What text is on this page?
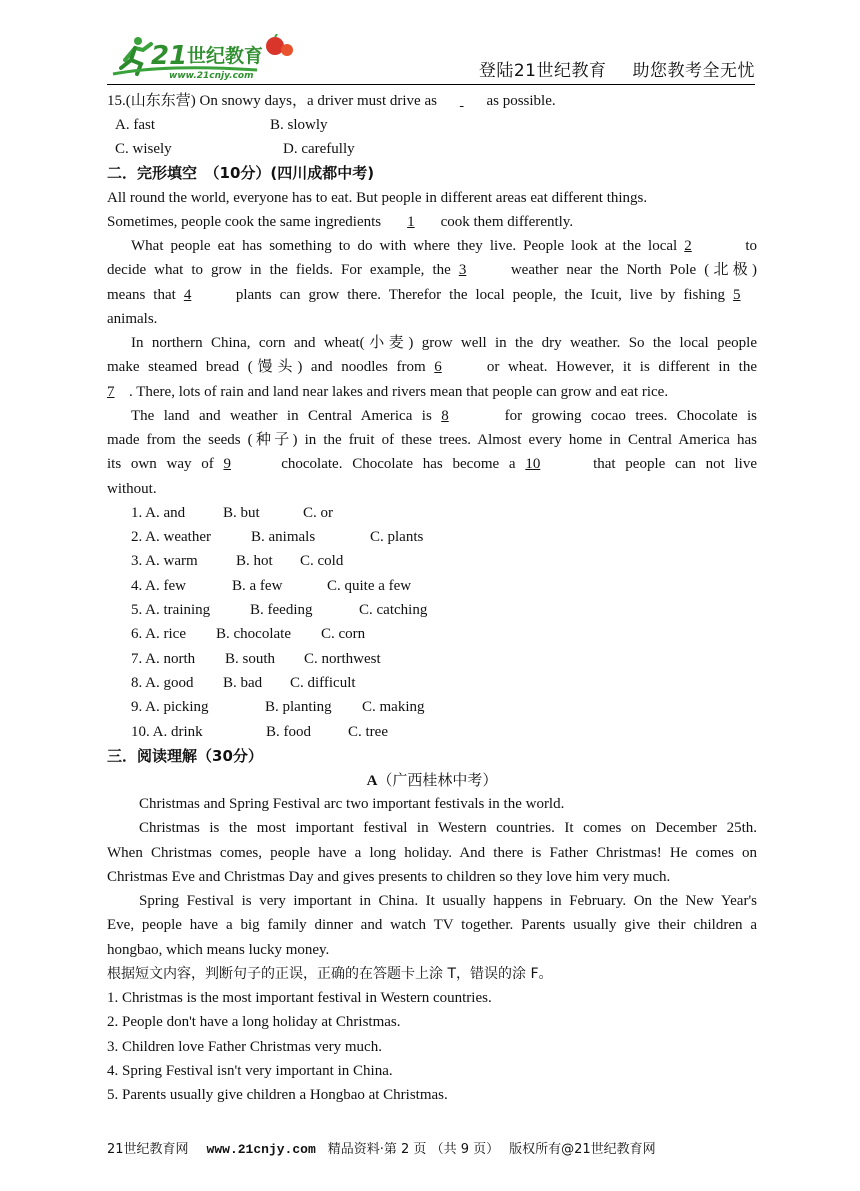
21 世纪教育
www.21cnjy.com	登陆21世纪教育 助您教考全无忧
15.(山东东营) On snowy days，a driver must drive as	as possible.
A. fast	B. slowly
C. wisely	D. carefully
二．完形填空　（10分）(四川成都中考)
All round the world, everyone has to eat. But people in different areas eat different things.
Sometimes, people cook the same ingredients 1 cook them differently.
What people eat has something to do with where they live. People look at the local 2	to
decide what to grow in the fields. For example, the 3	weather near the North Pole (北极)
means that 4	plants can grow there. Therefor the local people, the Icuit, live by fishing 5
animals.
In northern China, corn and wheat(小麦) grow well in the dry weather. So the local people
make steamed bread (馒头) and noodles from 6	or wheat. However, it is different in the
7 . There, lots of rain and land near lakes and rivers mean that people can grow and eat rice.
The land and weather in Central America is 8	for growing cocao trees. Chocolate is
made from the seeds (种子) in the fruit of these trees. Almost every home in Central America has
its own way of 9	chocolate. Chocolate has become a 10	that people can not live
without.
1. A. and	B. but	C. or
2. A. weather	B. animals	C. plants
3. A. warm	B. hot C. cold
4. A. few	B. a few	C. quite a few
5. A. training	B. feeding	C. catching
6. A. rice B. chocolate C. corn
7. A. north B. south C. northwest
8. A. good B. bad C. difficult
9. A. picking	B. planting C. making
10. A. drink	B. food C. tree
三．阅读理解（30分）
A（广西桂林中考）
Christmas and Spring Festival arc two important festivals in the world.
Christmas is the most important festival in Western countries. It comes on December 25th.
When Christmas comes, people have a long holiday. And there is Father Christmas! He comes on
Christmas Eve and Christmas Day and gives presents to children so they love him very much.
Spring Festival is very important in China. It usually happens in February. On the New Year's
Eve, people have a big family dinner and watch TV together. Parents usually give their children a
hongbao, which means lucky money.
根据短文内容，判断句子的正误，正确的在答题卡上涂 T，错误的涂 F。
1. Christmas is the most important festival in Western countries.
2. People don't have a long holiday at Christmas.
3. Children love Father Christmas very much.
4. Spring Festival isn't very important in China.
5. Parents usually give children a Hongbao at Christmas.
21世纪教育网 www.21cnjy.com 精品资料·第 2 页 （共 9 页） 版权所有@21世纪教育网
